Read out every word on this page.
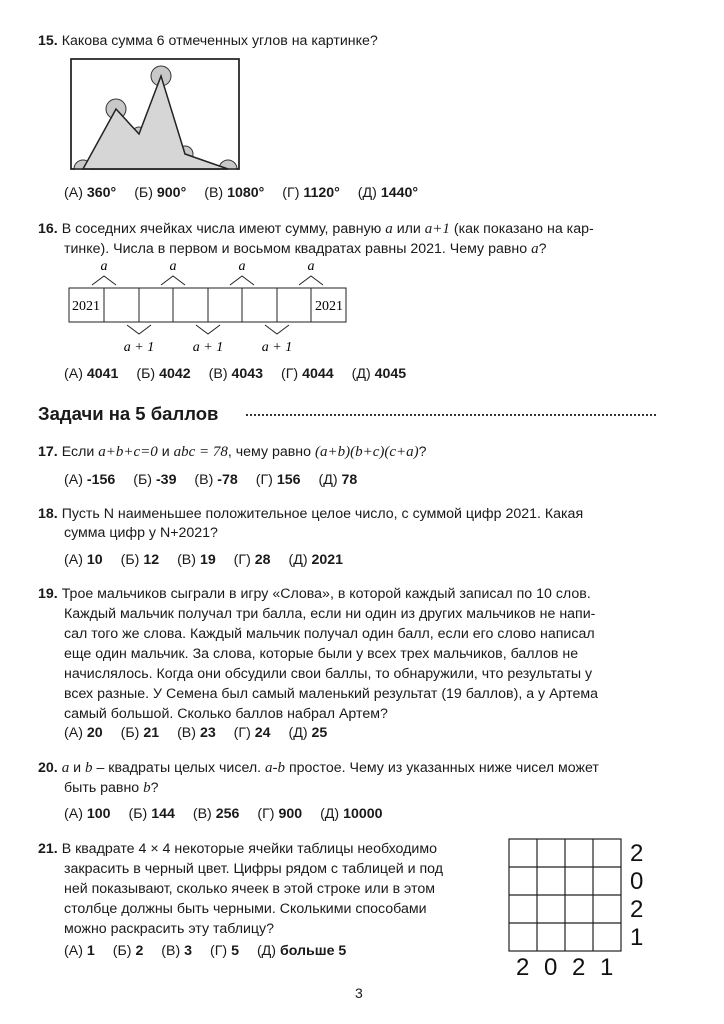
15. Какова сумма 6 отмеченных углов на картинке?
(А) 360° (Б) 900° (В) 1080° (Г) 1120° (Д) 1440°
16. В соседних ячейках числа имеют сумму, равную a или a+1 (как показано на кар-
тинке). Числа в первом и восьмом квадратах равны 2021. Чему равно a?
2021	2021
a	a	a	a
a + 1	a + 1	a + 1
(А) 4041 (Б) 4042 (В) 4043 (Г) 4044 (Д) 4045
Задачи на 5 баллов
17. Если a+b+c=0 и abc = 78, чему равно (a+b)(b+c)(c+a)?
(А) -156 (Б) -39 (В) -78 (Г) 156 (Д) 78
18. Пусть N наименьшее положительное целое число, с суммой цифр 2021. Какая
сумма цифр у N+2021?
(А) 10 (Б) 12 (В) 19 (Г) 28 (Д) 2021
19. Трое мальчиков сыграли в игру «Слова», в которой каждый записал по 10 слов.
Каждый мальчик получал три балла, если ни один из других мальчиков не напи-
сал того же слова. Каждый мальчик получал один балл, если его слово написал
еще один мальчик. За слова, которые были у всех трех мальчиков, баллов не
начислялось. Когда они обсудили свои баллы, то обнаружили, что результаты у
всех разные. У Семена был самый маленький результат (19 баллов), а у Артема
самый большой. Сколько баллов набрал Артем?
(А) 20 (Б) 21 (В) 23 (Г) 24 (Д) 25
20. a и b – квадраты целых чисел. a-b простое. Чему из указанных ниже чисел может
быть равно b?
(А) 100 (Б) 144 (В) 256 (Г) 900 (Д) 10000
21. В квадрате 4 × 4 некоторые ячейки таблицы необходимо
закрасить в черный цвет. Цифры рядом с таблицей и под
ней показывают, сколько ячеек в этой строке или в этом
столбце должны быть черными. Сколькими способами
можно раскрасить эту таблицу?
(А) 1 (Б) 2 (В) 3 (Г) 5 (Д) больше 5
2
0
2
1
2 0 2 1
3
